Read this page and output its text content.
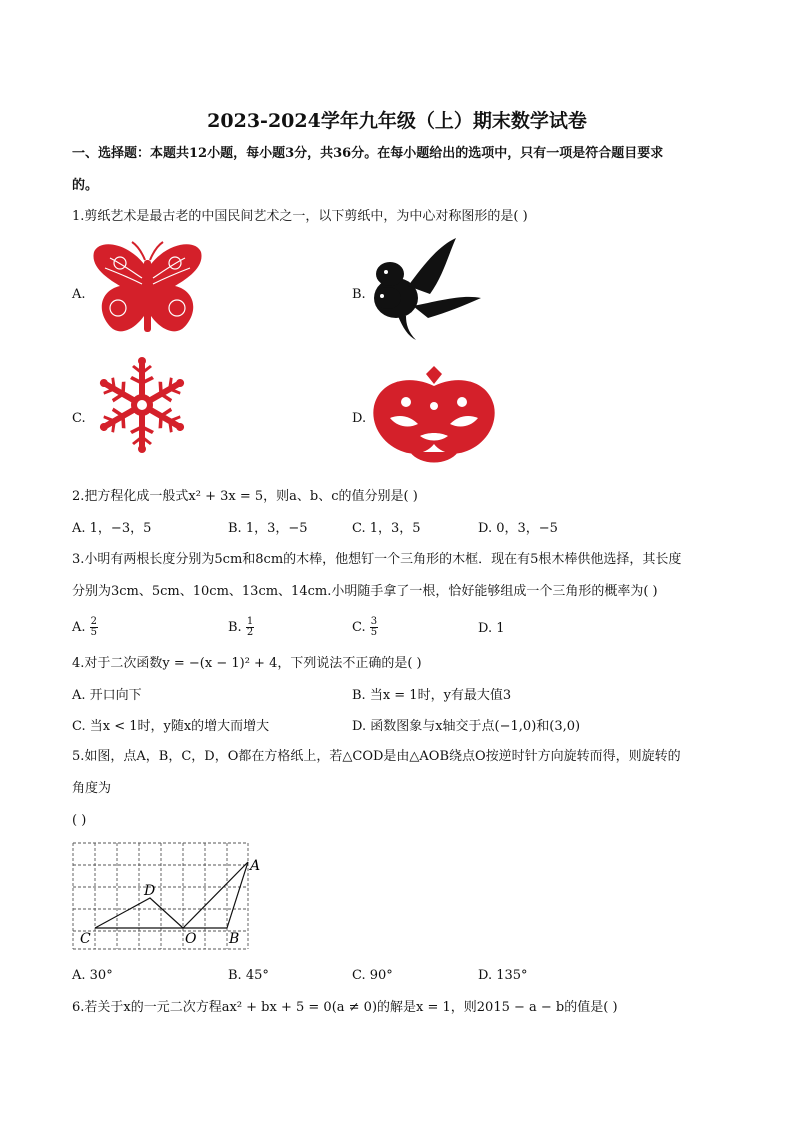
2023-2024学年九年级（上）期末数学试卷
一、选择题：本题共12小题，每小题3分，共36分。在每小题给出的选项中，只有一项是符合题目要求
的。
1.剪纸艺术是最古老的中国民间艺术之一，以下剪纸中，为中心对称图形的是( )
A.	B.
C.	D.
2.把方程化成一般式x² + 3x = 5，则a、b、c的值分别是( )
A. 1，−3，5	B. 1，3，−5	C. 1，3，5	D. 0，3，−5
3.小明有两根长度分别为5cm和8cm的木棒，他想钉一个三角形的木框．现在有5根木棒供他选择，其长度
分别为3cm、5cm、10cm、13cm、14cm.小明随手拿了一根，恰好能够组成一个三角形的概率为( )
A. $\frac{2}{5}$	B. $\frac{1}{2}$	C. $\frac{3}{5}$	D. 1
4.对于二次函数y = −(x − 1)² + 4，下列说法不正确的是( )
A. 开口向下	B. 当x = 1时，y有最大值3
C. 当x < 1时，y随x的增大而增大	D. 函数图象与x轴交于点(−1,0)和(3,0)
5.如图，点A，B，C，D，O都在方格纸上，若△COD是由△AOB绕点O按逆时针方向旋转而得，则旋转的
角度为
( )
C
D
O B
A
A. 30°	B. 45°	C. 90°	D. 135°
6.若关于x的一元二次方程ax² + bx + 5 = 0(a ≠ 0)的解是x = 1，则2015 − a − b的值是( )
